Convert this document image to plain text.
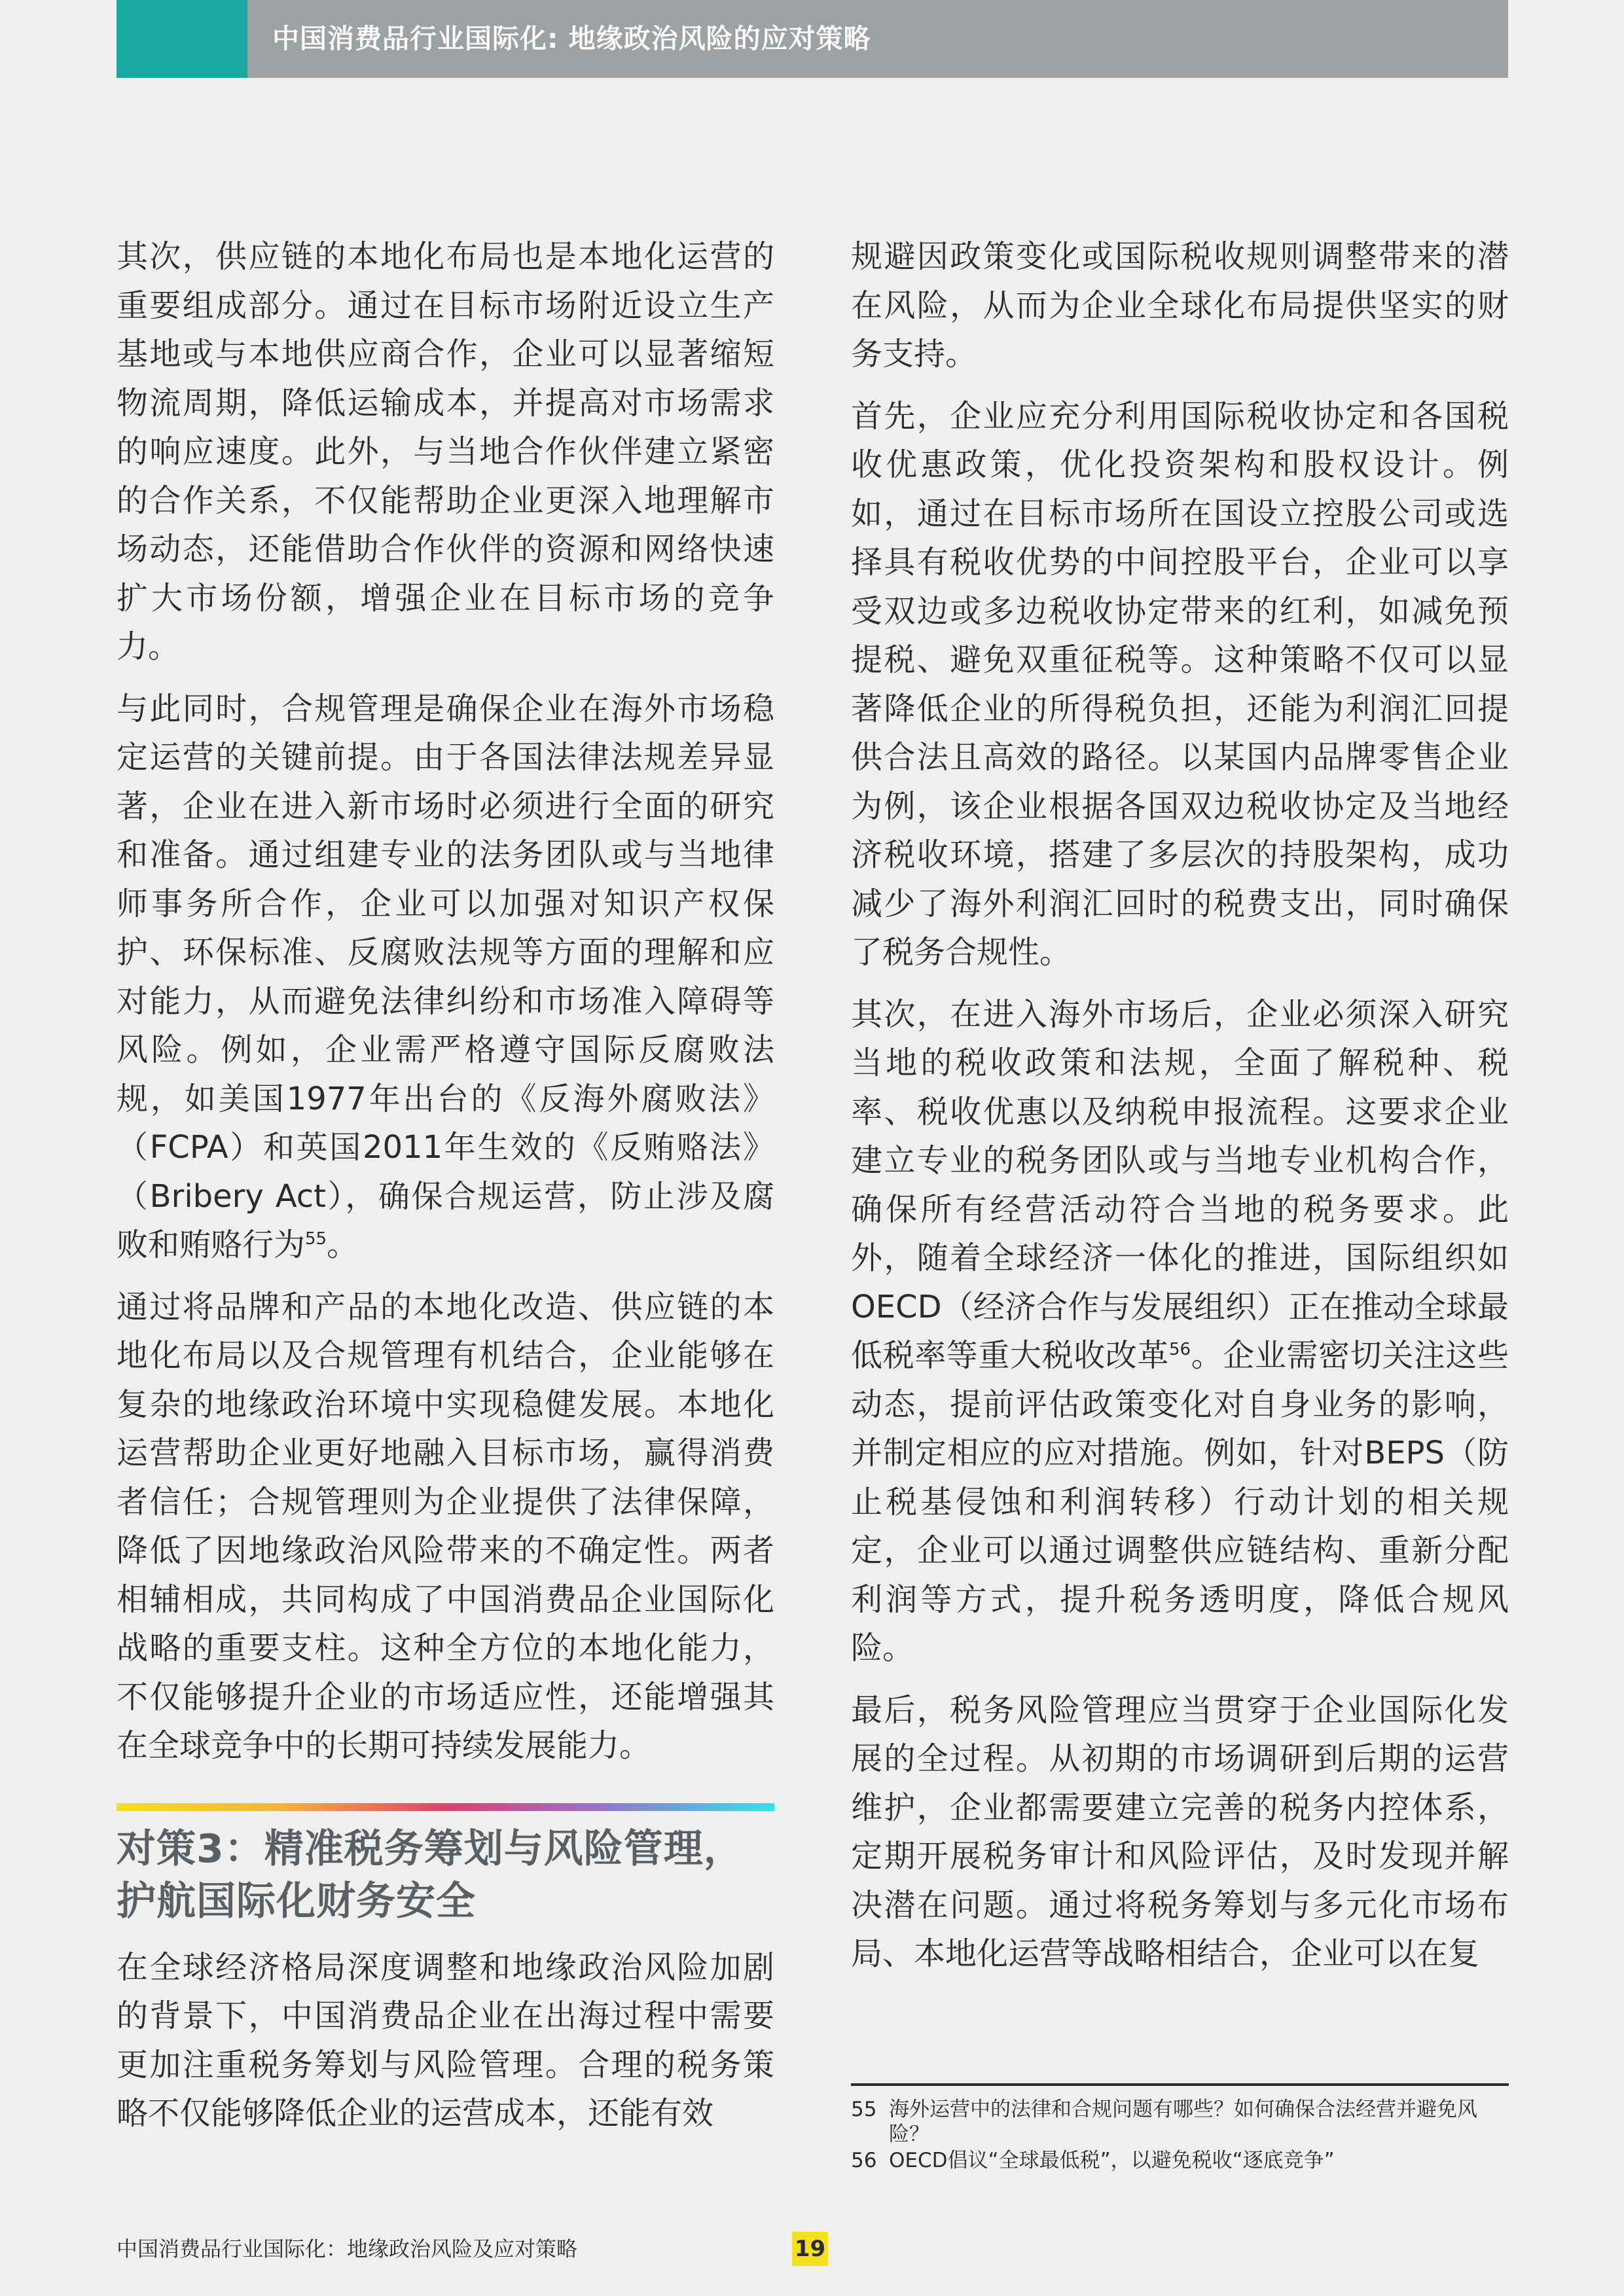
中国消费品行业国际化: 地缘政治风险的应对策略

其次，供应链的本地化布局也是本地化运营的重要组成部分。通过在目标市场附近设立生产基地或与本地供应商合作，企业可以显著缩短物流周期，降低运输成本，并提高对市场需求的响应速度。此外，与当地合作伙伴建立紧密的合作关系，不仅能帮助企业更深入地理解市场动态，还能借助合作伙伴的资源和网络快速扩大市场份额，增强企业在目标市场的竞争力。

与此同时，合规管理是确保企业在海外市场稳定运营的关键前提。由于各国法律法规差异显著，企业在进入新市场时必须进行全面的研究和准备。通过组建专业的法务团队或与当地律师事务所合作，企业可以加强对知识产权保护、环保标准、反腐败法规等方面的理解和应对能力，从而避免法律纠纷和市场准入障碍等风险。例如，企业需严格遵守国际反腐败法规，如美国1977年出台的《反海外腐败法》（FCPA）和英国2011年生效的《反贿赂法》（Bribery Act），确保合规运营，防止涉及腐败和贿赂行为$^{55}$。

通过将品牌和产品的本地化改造、供应链的本地化布局以及合规管理有机结合，企业能够在复杂的地缘政治环境中实现稳健发展。本地化运营帮助企业更好地融入目标市场，赢得消费者信任；合规管理则为企业提供了法律保障，降低了因地缘政治风险带来的不确定性。两者相辅相成，共同构成了中国消费品企业国际化战略的重要支柱。这种全方位的本地化能力，不仅能够提升企业的市场适应性，还能增强其在全球竞争中的长期可持续发展能力。

对策3：精准税务筹划与风险管理，护航国际化财务安全

在全球经济格局深度调整和地缘政治风险加剧的背景下，中国消费品企业在出海过程中需要更加注重税务筹划与风险管理。合理的税务策略不仅能够降低企业的运营成本，还能有效

规避因政策变化或国际税收规则调整带来的潜在风险，从而为企业全球化布局提供坚实的财务支持。

首先，企业应充分利用国际税收协定和各国税收优惠政策，优化投资架构和股权设计。例如，通过在目标市场所在国设立控股公司或选择具有税收优势的中间控股平台，企业可以享受双边或多边税收协定带来的红利，如减免预提税、避免双重征税等。这种策略不仅可以显著降低企业的所得税负担，还能为利润汇回提供合法且高效的路径。以某国内品牌零售企业为例，该企业根据各国双边税收协定及当地经济税收环境，搭建了多层次的持股架构，成功减少了海外利润汇回时的税费支出，同时确保了税务合规性。

其次，在进入海外市场后，企业必须深入研究当地的税收政策和法规，全面了解税种、税率、税收优惠以及纳税申报流程。这要求企业建立专业的税务团队或与当地专业机构合作，确保所有经营活动符合当地的税务要求。此外，随着全球经济一体化的推进，国际组织如OECD（经济合作与发展组织）正在推动全球最低税率等重大税收改革$^{56}$。企业需密切关注这些动态，提前评估政策变化对自身业务的影响，并制定相应的应对措施。例如，针对BEPS（防止税基侵蚀和利润转移）行动计划的相关规定，企业可以通过调整供应链结构、重新分配利润等方式，提升税务透明度，降低合规风险。

最后，税务风险管理应当贯穿于企业国际化发展的全过程。从初期的市场调研到后期的运营维护，企业都需要建立完善的税务内控体系，定期开展税务审计和风险评估，及时发现并解决潜在问题。通过将税务筹划与多元化市场布局、本地化运营等战略相结合，企业可以在复

55 海外运营中的法律和合规问题有哪些？如何确保合法经营并避免风险？
56 OECD倡议“全球最低税”，以避免税收“逐底竞争”
中国消费品行业国际化：地缘政治风险及应对策略	19
